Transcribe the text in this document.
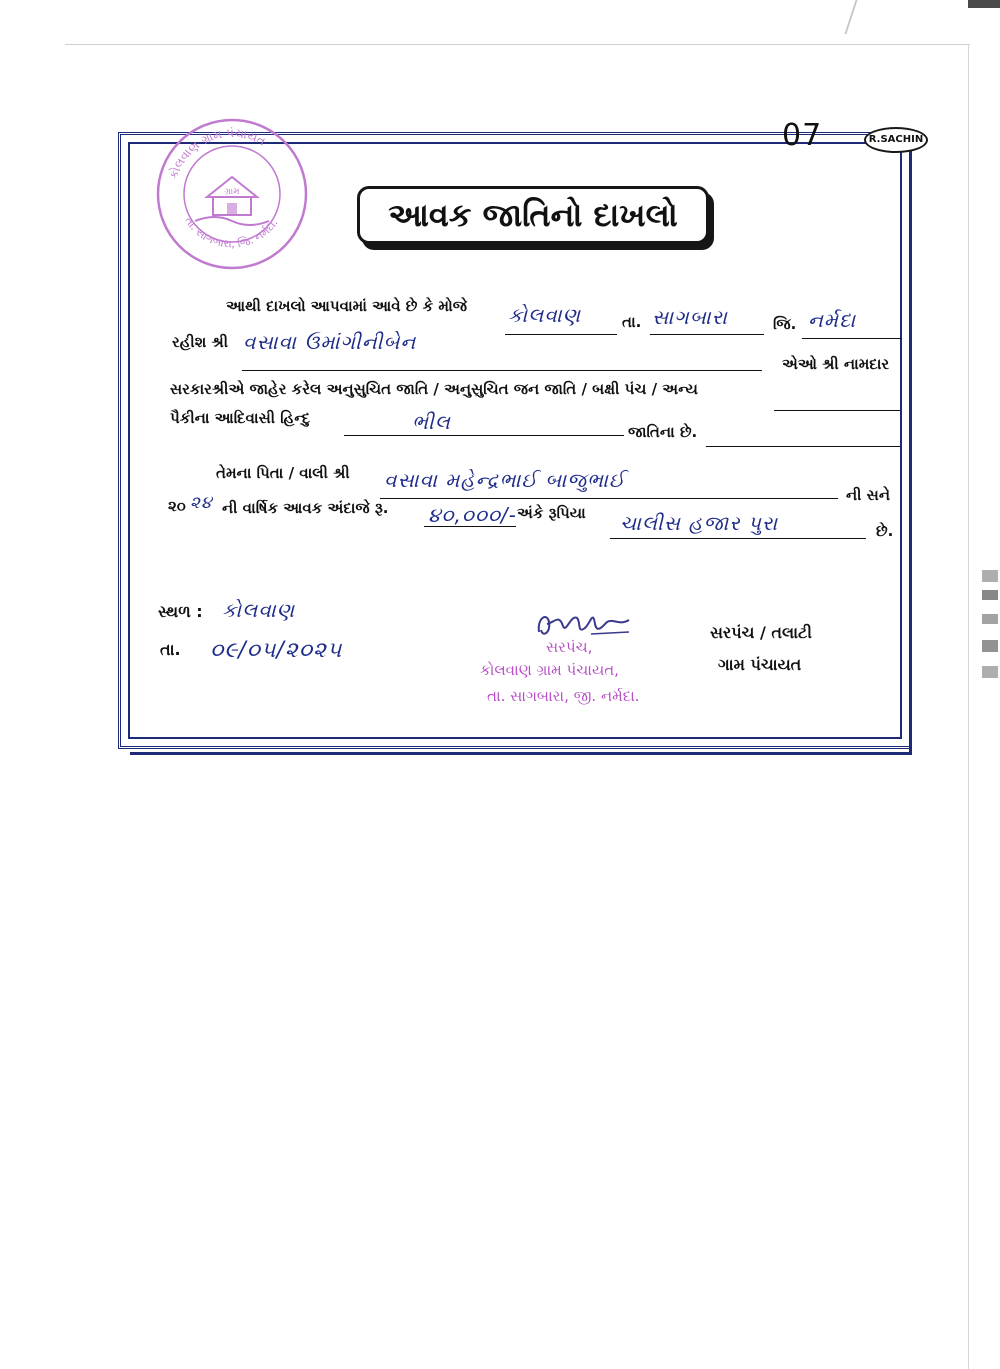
07	R.SACHIN
કોલવાણ ગ્રામ પંચાયત
તા. સાગબારા, જિ. નર્મદા.
ગ્રામ
આવક જાતિનો દાખલો
આથી દાખલો આપવામાં આવે છે કે મોજે કોલવાણ	તા. સાગબારા	જિ. નર્મદા
રહીશ શ્રી વસાવા ઉમાંગીનીબેન
એઓ શ્રી નામદાર
સરકારશ્રીએ જાહેર કરેલ અનુસુચિત જાતિ / અનુસુચિત જન જાતિ / બક્ષી પંચ / અન્ય
પૈકીના આદિવાસી હિન્દુ	ભીલ	જાતિના છે.
તેમના પિતા / વાલી શ્રી વસાવા મહેન્દ્રભાઈ બાજુભાઈ
ની સને
૨૦ ૨૪ ની વાર્ષિક આવક અંદાજે રૂ. ૪૦,૦૦૦/- અંકે રૂપિયા ચાલીસ હજાર પુરા	છે.
સ્થળ : કોલવાણ
તા. ૦૯/૦૫/૨૦૨૫	સરપંચ,
કોલવાણ ગ્રામ પંચાયત,
તા. સાગબારા, જી. નર્મદા.
સરપંચ / તલાટી
ગામ પંચાયત
